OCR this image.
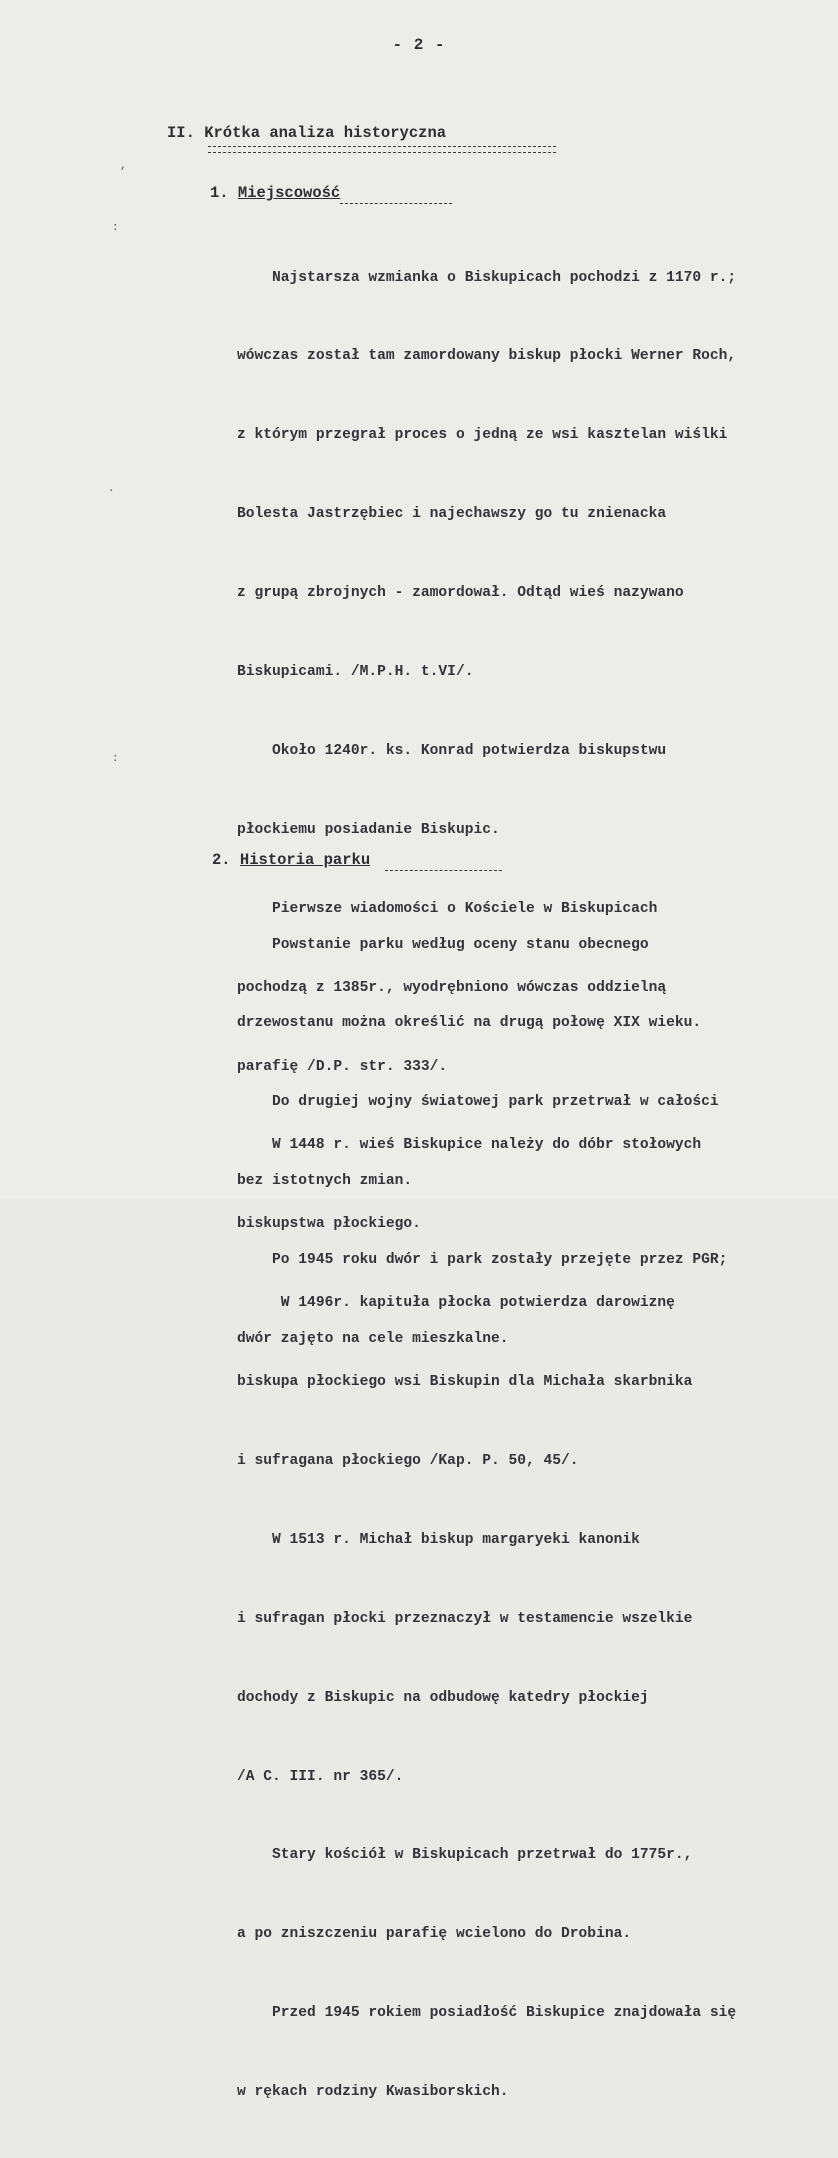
- 2 -
II. Krótka analiza historyczna
,
:
.
:
1. Miejscowość

Najstarsza wzmianka o Biskupicach pochodzi z 1170 r.;

wówczas został tam zamordowany biskup płocki Werner Roch,

z którym przegrał proces o jedną ze wsi kasztelan wiślki

Bolesta Jastrzębiec i najechawszy go tu znienacka

z grupą zbrojnych - zamordował. Odtąd wieś nazywano

Biskupicami. /M.P.H. t.VI/.

Około 1240r. ks. Konrad potwierdza biskupstwu

płockiemu posiadanie Biskupic.

Pierwsze wiadomości o Kościele w Biskupicach

pochodzą z 1385r., wyodrębniono wówczas oddzielną

parafię /D.P. str. 333/.

W 1448 r. wieś Biskupice należy do dóbr stołowych

biskupstwa płockiego.

W 1496r. kapituła płocka potwierdza darowiznę

biskupa płockiego wsi Biskupin dla Michała skarbnika

i sufragana płockiego /Kap. P. 50, 45/.

W 1513 r. Michał biskup margaryeki kanonik

i sufragan płocki przeznaczył w testamencie wszelkie

dochody z Biskupic na odbudowę katedry płockiej

/A C. III. nr 365/.

Stary kościół w Biskupicach przetrwał do 1775r.,

a po zniszczeniu parafię wcielono do Drobina.

Przed 1945 rokiem posiadłość Biskupice znajdowała się

w rękach rodziny Kwasiborskich.

2. Historia parku

Powstanie parku według oceny stanu obecnego

drzewostanu można określić na drugą połowę XIX wieku.

Do drugiej wojny światowej park przetrwał w całości

bez istotnych zmian.

Po 1945 roku dwór i park zostały przejęte przez PGR;

dwór zajęto na cele mieszkalne.
